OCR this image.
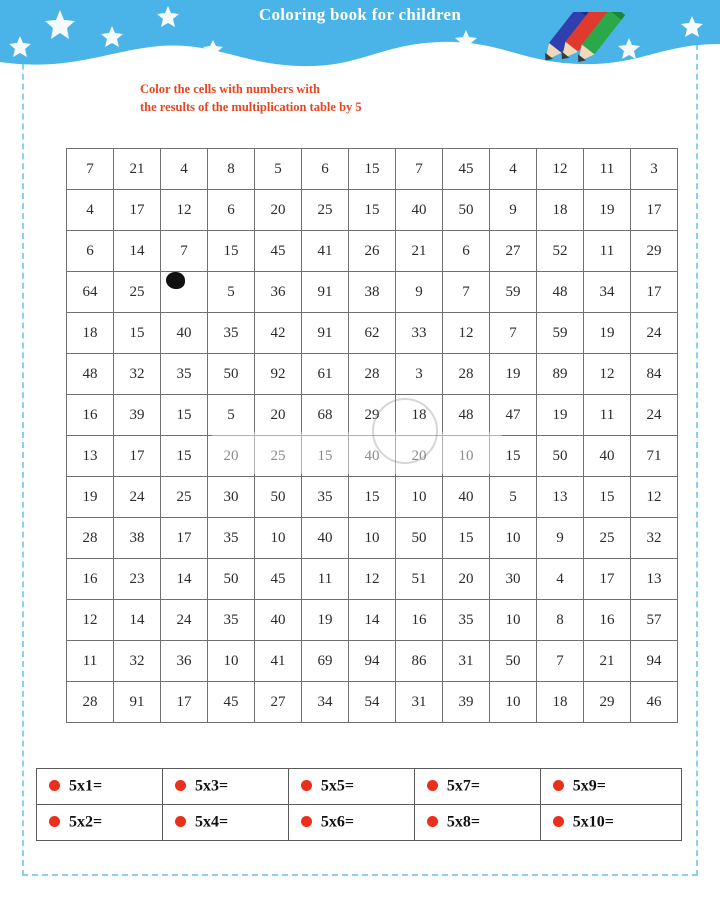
Coloring book for children
Color the cells with numbers with
the results of the multiplication table by 5
7	21	4	8	5	6	15	7	45	4	12	11	3
4	17	12	6	20	25	15	40	50	9	18	19	17
6	14	7	15	45	41	26	21	6	27	52	11	29
64	25		5	36	91	38	9	7	59	48	34	17
18	15	40	35	42	91	62	33	12	7	59	19	24
48	32	35	50	92	61	28	3	28	19	89	12	84
16	39	15	5	20	68	29	18	48	47	19	11	24
13	17	15	20	25	15	40	20	10	15	50	40	71
19	24	25	30	50	35	15	10	40	5	13	15	12
28	38	17	35	10	40	10	50	15	10	9	25	32
16	23	14	50	45	11	12	51	20	30	4	17	13
12	14	24	35	40	19	14	16	35	10	8	16	57
11	32	36	10	41	69	94	86	31	50	7	21	94
28	91	17	45	27	34	54	31	39	10	18	29	46
5x1=	5x3=	5x5=	5x7=	5x9=
5x2=	5x4=	5x6=	5x8=	5x10=
